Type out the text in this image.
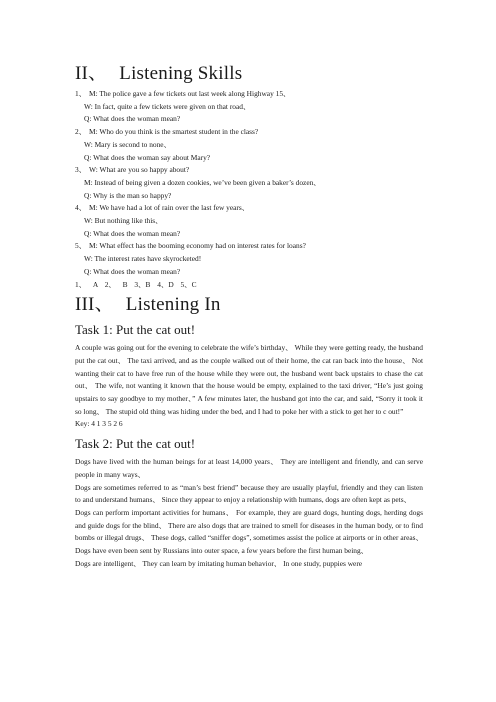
II、 Listening Skills
1、 M: The police gave a few tickets out last week along Highway 15、
W: In fact, quite a few tickets were given on that road、
Q: What does the woman mean?
2、 M: Who do you think is the smartest student in the class?
W: Mary is second to none、
Q: What does the woman say about Mary?
3、 W: What are you so happy about?
M: Instead of being given a dozen cookies, we’ve been given a baker’s dozen、
Q: Why is the man so happy?
4、 M: We have had a lot of rain over the last few years、
W: But nothing like this、
Q: What does the woman mean?
5、 M: What effect has the booming economy had on interest rates for loans?
W: The interest rates have skyrocketed!
Q: What does the woman mean?
1、 A 2、 B 3、B 4、D 5、C
III、 Listening In
Task 1: Put the cat out!

A couple was going out for the evening to celebrate the wife’s birthday、 While they were getting ready, the husband put the cat out、 The taxi arrived, and as the couple walked out of their home, the cat ran back into the house、 Not wanting their cat to have free run of the house while they were out, the husband went back upstairs to chase the cat out、 The wife, not wanting it known that the house would be empty, explained to the taxi driver, “He’s just going upstairs to say goodbye to my mother、” A few minutes later, the husband got into the car, and said, “Sorry it took it so long、 The stupid old thing was hiding under the bed, and I had to poke her with a stick to get her to c out!”

Key: 4 1 3 5 2 6

Task 2: Put the cat out!

Dogs have lived with the human beings for at least 14,000 years、 They are intelligent and friendly, and can serve people in many ways、

Dogs are sometimes referred to as “man’s best friend” because they are usually playful, friendly and they can listen to and understand humans、 Since they appear to enjoy a relationship with humans, dogs are often kept as pets、

Dogs can perform important activities for humans、 For example, they are guard dogs, hunting dogs, herding dogs and guide dogs for the blind、 There are also dogs that are trained to smell for diseases in the human body, or to find bombs or illegal drugs、 These dogs, called “sniffer dogs”, sometimes assist the police at airports or in other areas、 Dogs have even been sent by Russians into outer space, a few years before the first human being、

Dogs are intelligent、 They can learn by imitating human behavior、 In one study, puppies were
